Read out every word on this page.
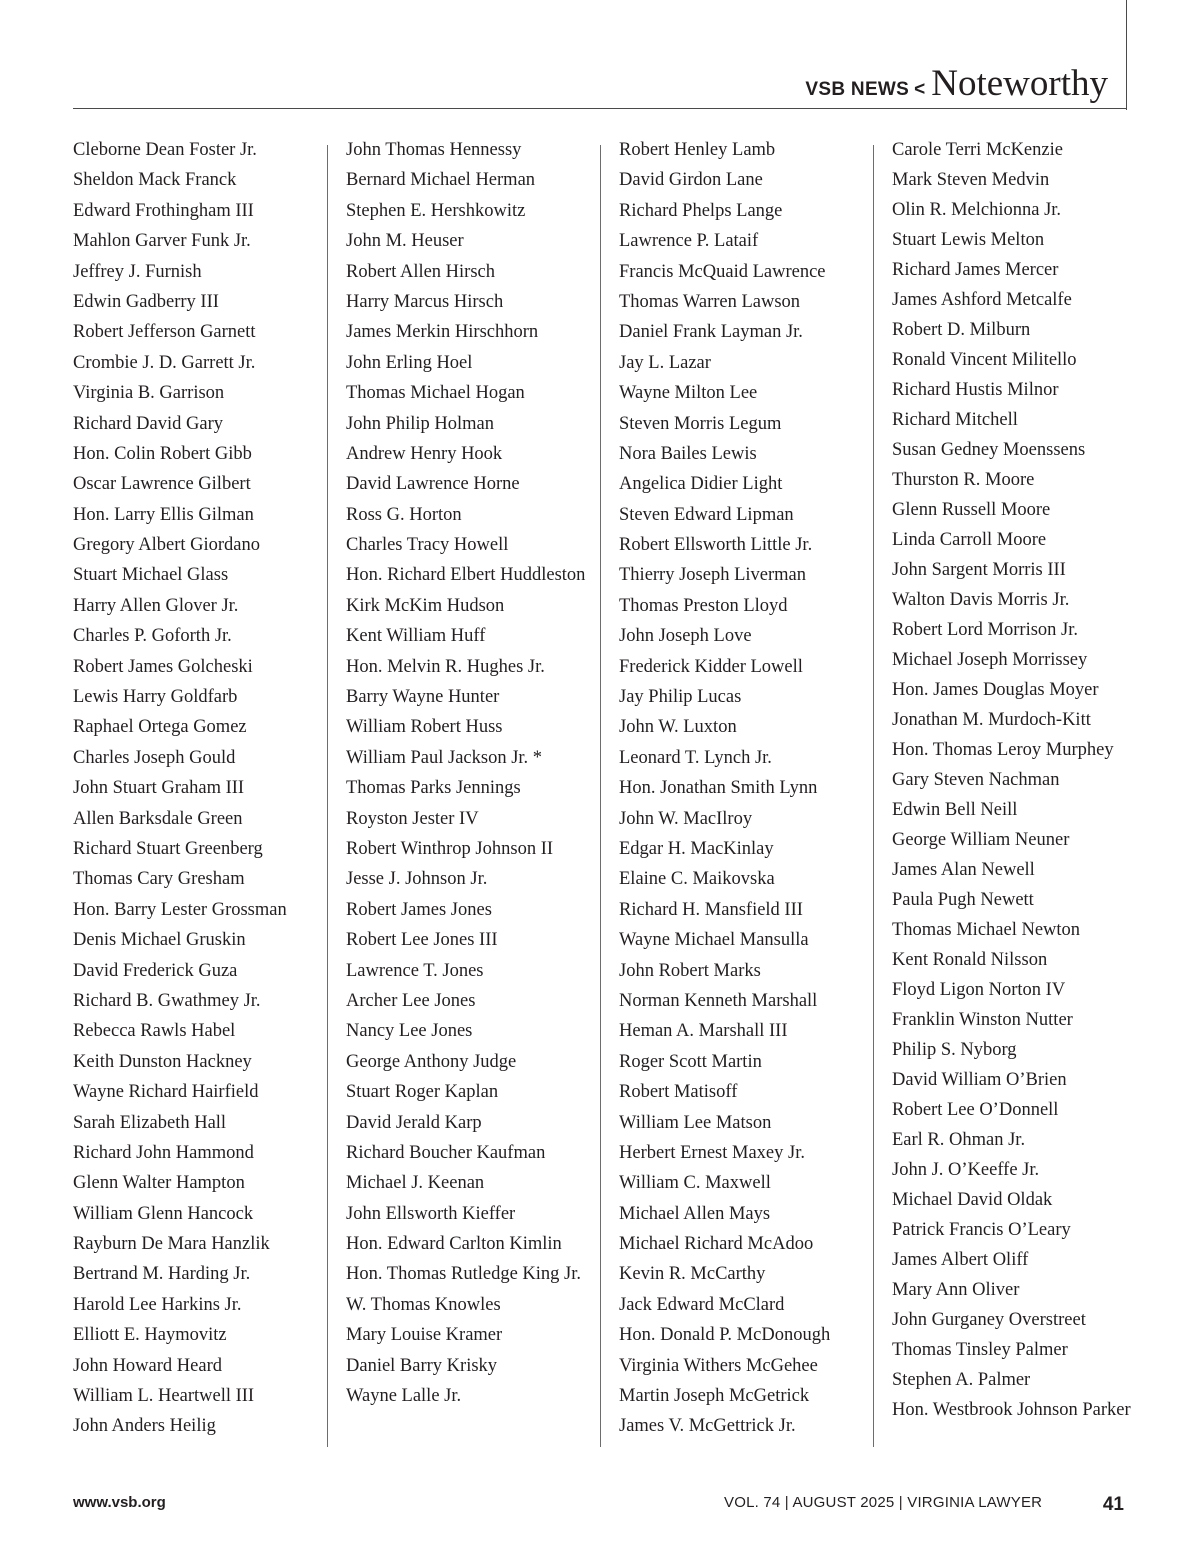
VSB NEWS < Noteworthy
Cleborne Dean Foster Jr.
Sheldon Mack Franck
Edward Frothingham III
Mahlon Garver Funk Jr.
Jeffrey J. Furnish
Edwin Gadberry III
Robert Jefferson Garnett
Crombie J. D. Garrett Jr.
Virginia B. Garrison
Richard David Gary
Hon. Colin Robert Gibb
Oscar Lawrence Gilbert
Hon. Larry Ellis Gilman
Gregory Albert Giordano
Stuart Michael Glass
Harry Allen Glover Jr.
Charles P. Goforth Jr.
Robert James Golcheski
Lewis Harry Goldfarb
Raphael Ortega Gomez
Charles Joseph Gould
John Stuart Graham III
Allen Barksdale Green
Richard Stuart Greenberg
Thomas Cary Gresham
Hon. Barry Lester Grossman
Denis Michael Gruskin
David Frederick Guza
Richard B. Gwathmey Jr.
Rebecca Rawls Habel
Keith Dunston Hackney
Wayne Richard Hairfield
Sarah Elizabeth Hall
Richard John Hammond
Glenn Walter Hampton
William Glenn Hancock
Rayburn De Mara Hanzlik
Bertrand M. Harding Jr.
Harold Lee Harkins Jr.
Elliott E. Haymovitz
John Howard Heard
William L. Heartwell III
John Anders Heilig
John Thomas Hennessy
Bernard Michael Herman
Stephen E. Hershkowitz
John M. Heuser
Robert Allen Hirsch
Harry Marcus Hirsch
James Merkin Hirschhorn
John Erling Hoel
Thomas Michael Hogan
John Philip Holman
Andrew Henry Hook
David Lawrence Horne
Ross G. Horton
Charles Tracy Howell
Hon. Richard Elbert Huddleston
Kirk McKim Hudson
Kent William Huff
Hon. Melvin R. Hughes Jr.
Barry Wayne Hunter
William Robert Huss
William Paul Jackson Jr. *
Thomas Parks Jennings
Royston Jester IV
Robert Winthrop Johnson II
Jesse J. Johnson Jr.
Robert James Jones
Robert Lee Jones III
Lawrence T. Jones
Archer Lee Jones
Nancy Lee Jones
George Anthony Judge
Stuart Roger Kaplan
David Jerald Karp
Richard Boucher Kaufman
Michael J. Keenan
John Ellsworth Kieffer
Hon. Edward Carlton Kimlin
Hon. Thomas Rutledge King Jr.
W. Thomas Knowles
Mary Louise Kramer
Daniel Barry Krisky
Wayne Lalle Jr.
Robert Henley Lamb
David Girdon Lane
Richard Phelps Lange
Lawrence P. Lataif
Francis McQuaid Lawrence
Thomas Warren Lawson
Daniel Frank Layman Jr.
Jay L. Lazar
Wayne Milton Lee
Steven Morris Legum
Nora Bailes Lewis
Angelica Didier Light
Steven Edward Lipman
Robert Ellsworth Little Jr.
Thierry Joseph Liverman
Thomas Preston Lloyd
John Joseph Love
Frederick Kidder Lowell
Jay Philip Lucas
John W. Luxton
Leonard T. Lynch Jr.
Hon. Jonathan Smith Lynn
John W. MacIlroy
Edgar H. MacKinlay
Elaine C. Maikovska
Richard H. Mansfield III
Wayne Michael Mansulla
John Robert Marks
Norman Kenneth Marshall
Heman A. Marshall III
Roger Scott Martin
Robert Matisoff
William Lee Matson
Herbert Ernest Maxey Jr.
William C. Maxwell
Michael Allen Mays
Michael Richard McAdoo
Kevin R. McCarthy
Jack Edward McClard
Hon. Donald P. McDonough
Virginia Withers McGehee
Martin Joseph McGetrick
James V. McGettrick Jr.
Carole Terri McKenzie
Mark Steven Medvin
Olin R. Melchionna Jr.
Stuart Lewis Melton
Richard James Mercer
James Ashford Metcalfe
Robert D. Milburn
Ronald Vincent Militello
Richard Hustis Milnor
Richard Mitchell
Susan Gedney Moenssens
Thurston R. Moore
Glenn Russell Moore
Linda Carroll Moore
John Sargent Morris III
Walton Davis Morris Jr.
Robert Lord Morrison Jr.
Michael Joseph Morrissey
Hon. James Douglas Moyer
Jonathan M. Murdoch-Kitt
Hon. Thomas Leroy Murphey
Gary Steven Nachman
Edwin Bell Neill
George William Neuner
James Alan Newell
Paula Pugh Newett
Thomas Michael Newton
Kent Ronald Nilsson
Floyd Ligon Norton IV
Franklin Winston Nutter
Philip S. Nyborg
David William O’Brien
Robert Lee O’Donnell
Earl R. Ohman Jr.
John J. O’Keeffe Jr.
Michael David Oldak
Patrick Francis O’Leary
James Albert Oliff
Mary Ann Oliver
John Gurganey Overstreet
Thomas Tinsley Palmer
Stephen A. Palmer
Hon. Westbrook Johnson Parker
www.vsb.org	VOL. 74 | AUGUST 2025 | VIRGINIA LAWYER	41
